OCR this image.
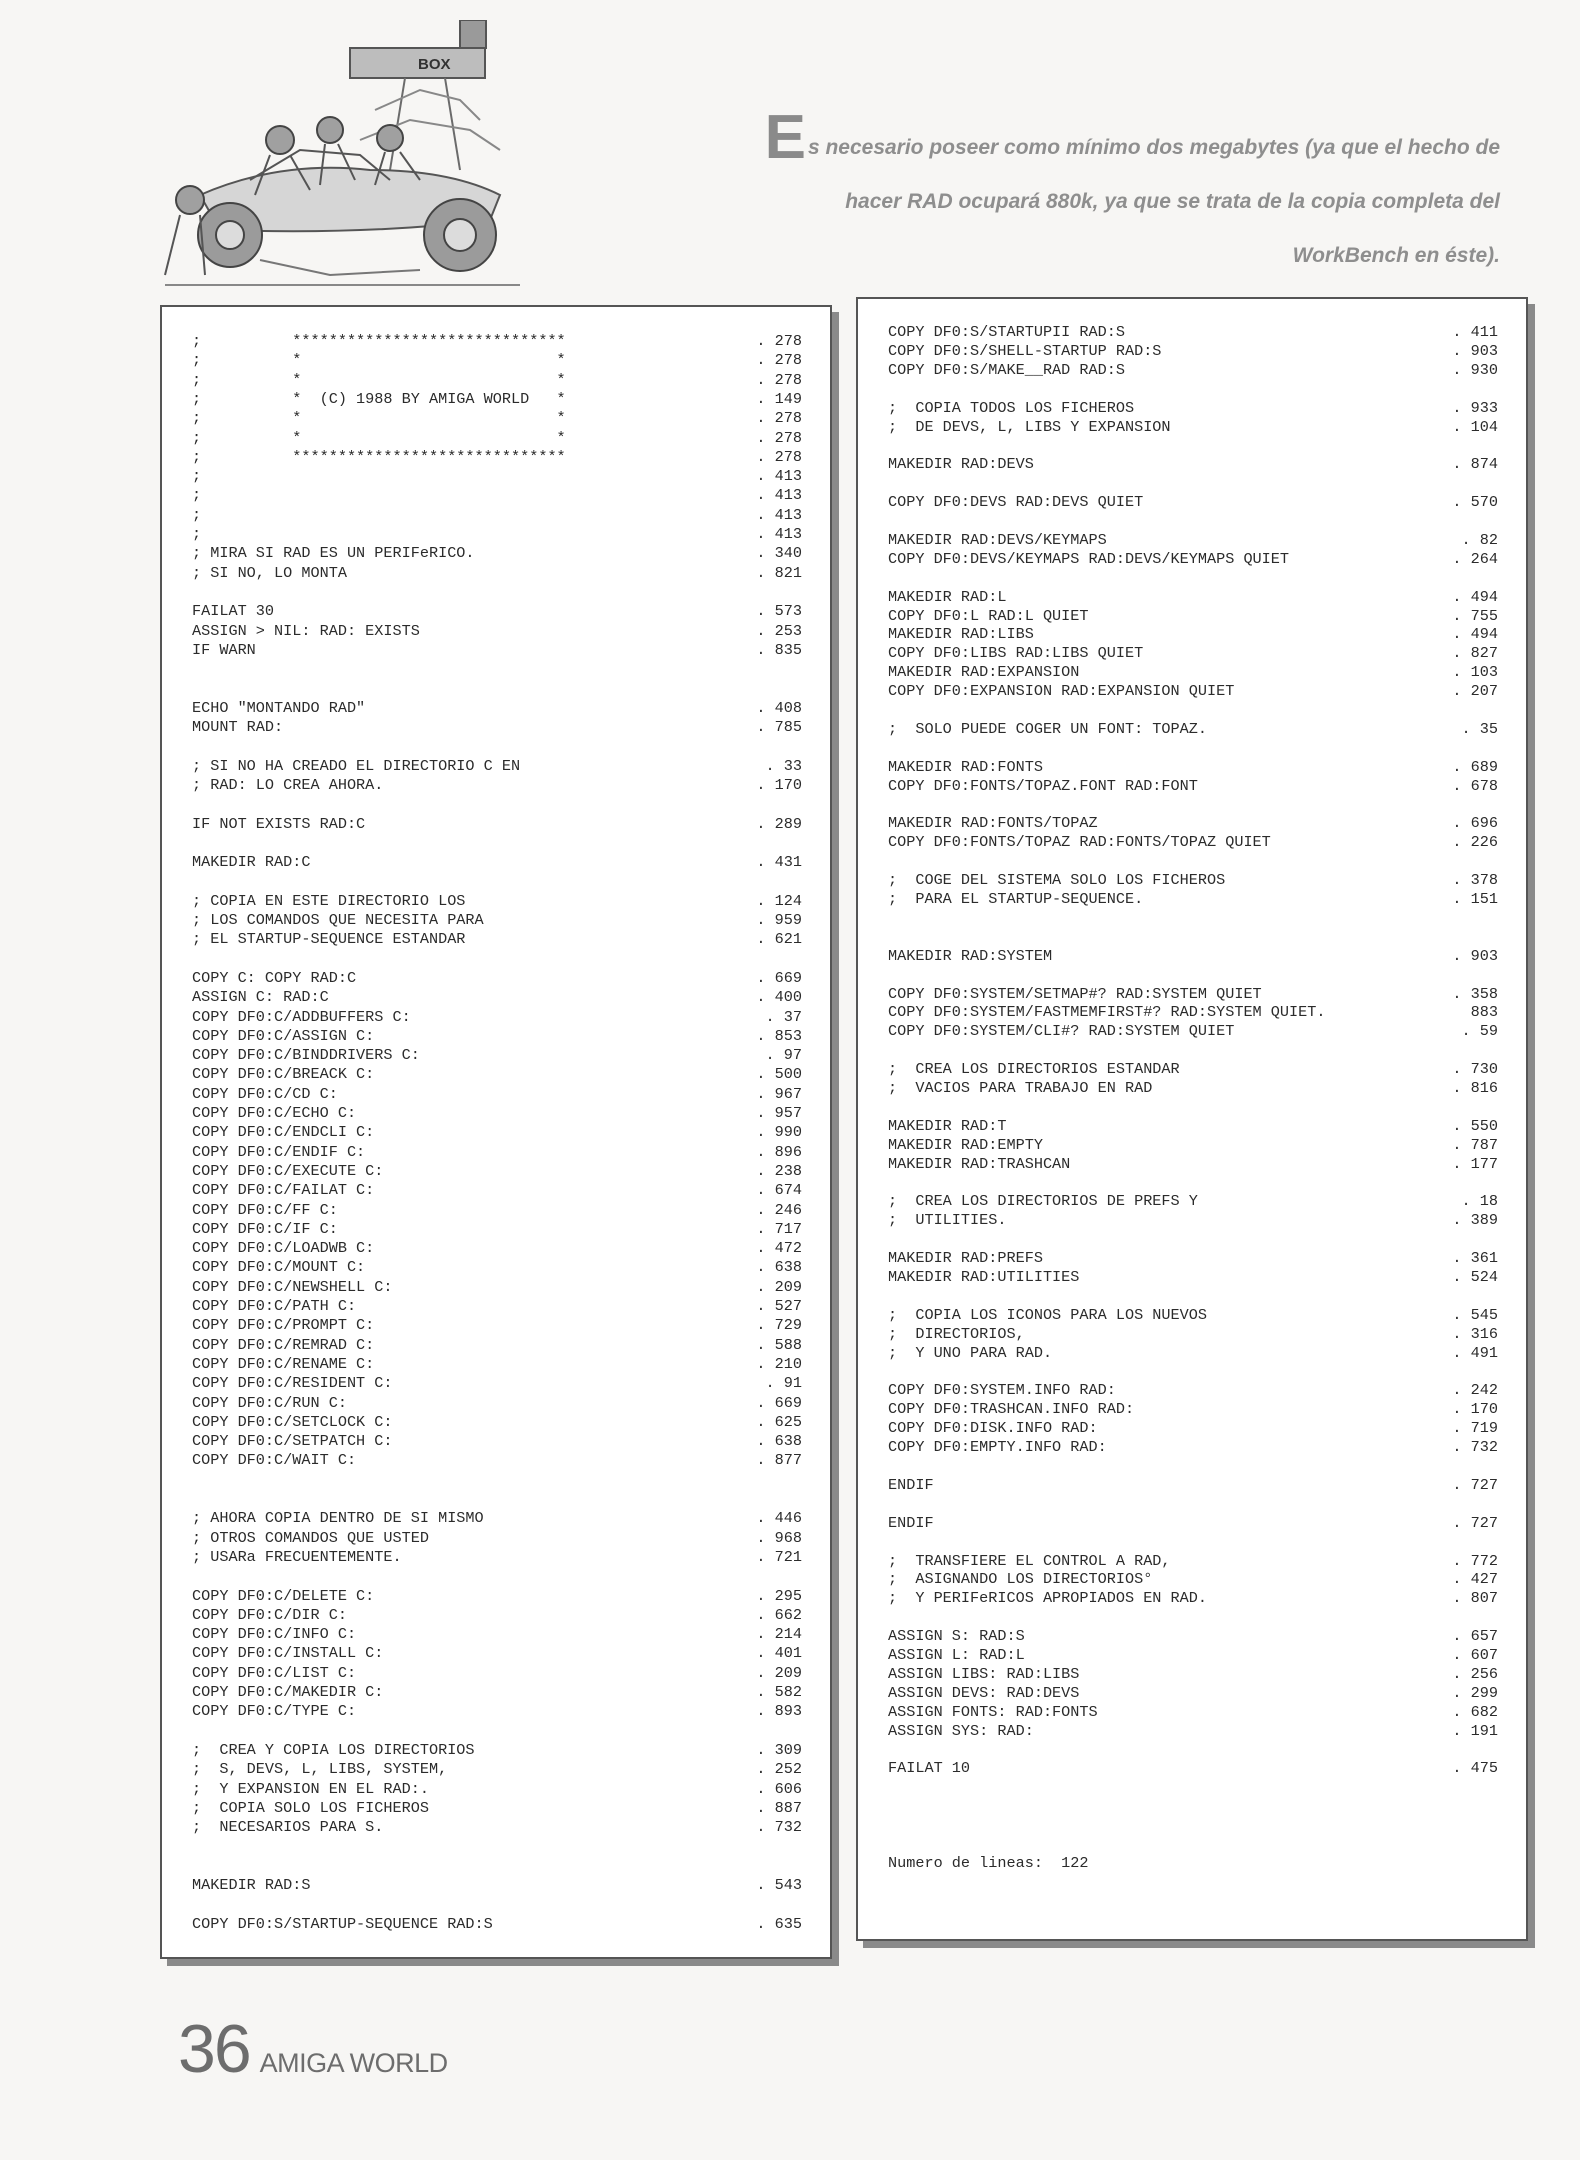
BOX
Es necesario poseer como mínimo dos megabytes (ya que el hecho de
hacer RAD ocupará 880k, ya que se trata de la copia completa del
WorkBench en éste).
;          ******************************	. 278
;          *                            *	. 278
;          *                            *	. 278
;          *  (C) 1988 BY AMIGA WORLD   *	. 149
;          *                            *	. 278
;          *                            *	. 278
;          ******************************	. 278
;	. 413
;	. 413
;	. 413
;	. 413
; MIRA SI RAD ES UN PERIFeRICO.	. 340
; SI NO, LO MONTA	. 821
FAILAT 30	. 573
ASSIGN > NIL: RAD: EXISTS	. 253
IF WARN	. 835
ECHO "MONTANDO RAD"	. 408
MOUNT RAD:	. 785
; SI NO HA CREADO EL DIRECTORIO C EN	. 33
; RAD: LO CREA AHORA.	. 170
IF NOT EXISTS RAD:C	. 289
MAKEDIR RAD:C	. 431
; COPIA EN ESTE DIRECTORIO LOS	. 124
; LOS COMANDOS QUE NECESITA PARA	. 959
; EL STARTUP-SEQUENCE ESTANDAR	. 621
COPY C: COPY RAD:C	. 669
ASSIGN C: RAD:C	. 400
COPY DF0:C/ADDBUFFERS C:	. 37
COPY DF0:C/ASSIGN C:	. 853
COPY DF0:C/BINDDRIVERS C:	. 97
COPY DF0:C/BREACK C:	. 500
COPY DF0:C/CD C:	. 967
COPY DF0:C/ECHO C:	. 957
COPY DF0:C/ENDCLI C:	. 990
COPY DF0:C/ENDIF C:	. 896
COPY DF0:C/EXECUTE C:	. 238
COPY DF0:C/FAILAT C:	. 674
COPY DF0:C/FF C:	. 246
COPY DF0:C/IF C:	. 717
COPY DF0:C/LOADWB C:	. 472
COPY DF0:C/MOUNT C:	. 638
COPY DF0:C/NEWSHELL C:	. 209
COPY DF0:C/PATH C:	. 527
COPY DF0:C/PROMPT C:	. 729
COPY DF0:C/REMRAD C:	. 588
COPY DF0:C/RENAME C:	. 210
COPY DF0:C/RESIDENT C:	. 91
COPY DF0:C/RUN C:	. 669
COPY DF0:C/SETCLOCK C:	. 625
COPY DF0:C/SETPATCH C:	. 638
COPY DF0:C/WAIT C:	. 877
; AHORA COPIA DENTRO DE SI MISMO	. 446
; OTROS COMANDOS QUE USTED	. 968
; USARa FRECUENTEMENTE.	. 721
COPY DF0:C/DELETE C:	. 295
COPY DF0:C/DIR C:	. 662
COPY DF0:C/INFO C:	. 214
COPY DF0:C/INSTALL C:	. 401
COPY DF0:C/LIST C:	. 209
COPY DF0:C/MAKEDIR C:	. 582
COPY DF0:C/TYPE C:	. 893
;  CREA Y COPIA LOS DIRECTORIOS	. 309
;  S, DEVS, L, LIBS, SYSTEM,	. 252
;  Y EXPANSION EN EL RAD:.	. 606
;  COPIA SOLO LOS FICHEROS	. 887
;  NECESARIOS PARA S.	. 732
MAKEDIR RAD:S	. 543
COPY DF0:S/STARTUP-SEQUENCE RAD:S	. 635
COPY DF0:S/STARTUPII RAD:S	. 411
COPY DF0:S/SHELL-STARTUP RAD:S	. 903
COPY DF0:S/MAKE__RAD RAD:S	. 930
;  COPIA TODOS LOS FICHEROS	. 933
;  DE DEVS, L, LIBS Y EXPANSION	. 104
MAKEDIR RAD:DEVS	. 874
COPY DF0:DEVS RAD:DEVS QUIET	. 570
MAKEDIR RAD:DEVS/KEYMAPS	. 82
COPY DF0:DEVS/KEYMAPS RAD:DEVS/KEYMAPS QUIET	. 264
MAKEDIR RAD:L	. 494
COPY DF0:L RAD:L QUIET	. 755
MAKEDIR RAD:LIBS	. 494
COPY DF0:LIBS RAD:LIBS QUIET	. 827
MAKEDIR RAD:EXPANSION	. 103
COPY DF0:EXPANSION RAD:EXPANSION QUIET	. 207
;  SOLO PUEDE COGER UN FONT: TOPAZ.	. 35
MAKEDIR RAD:FONTS	. 689
COPY DF0:FONTS/TOPAZ.FONT RAD:FONT	. 678
MAKEDIR RAD:FONTS/TOPAZ	. 696
COPY DF0:FONTS/TOPAZ RAD:FONTS/TOPAZ QUIET	. 226
;  COGE DEL SISTEMA SOLO LOS FICHEROS	. 378
;  PARA EL STARTUP-SEQUENCE.	. 151
MAKEDIR RAD:SYSTEM	. 903
COPY DF0:SYSTEM/SETMAP#? RAD:SYSTEM QUIET	. 358
COPY DF0:SYSTEM/FASTMEMFIRST#? RAD:SYSTEM QUIET.	883
COPY DF0:SYSTEM/CLI#? RAD:SYSTEM QUIET	. 59
;  CREA LOS DIRECTORIOS ESTANDAR	. 730
;  VACIOS PARA TRABAJO EN RAD	. 816
MAKEDIR RAD:T	. 550
MAKEDIR RAD:EMPTY	. 787
MAKEDIR RAD:TRASHCAN	. 177
;  CREA LOS DIRECTORIOS DE PREFS Y	. 18
;  UTILITIES.	. 389
MAKEDIR RAD:PREFS	. 361
MAKEDIR RAD:UTILITIES	. 524
;  COPIA LOS ICONOS PARA LOS NUEVOS	. 545
;  DIRECTORIOS,	. 316
;  Y UNO PARA RAD.	. 491
COPY DF0:SYSTEM.INFO RAD:	. 242
COPY DF0:TRASHCAN.INFO RAD:	. 170
COPY DF0:DISK.INFO RAD:	. 719
COPY DF0:EMPTY.INFO RAD:	. 732
ENDIF	. 727
ENDIF	. 727
;  TRANSFIERE EL CONTROL A RAD,	. 772
;  ASIGNANDO LOS DIRECTORIOS°	. 427
;  Y PERIFeRICOS APROPIADOS EN RAD.	. 807
ASSIGN S: RAD:S	. 657
ASSIGN L: RAD:L	. 607
ASSIGN LIBS: RAD:LIBS	. 256
ASSIGN DEVS: RAD:DEVS	. 299
ASSIGN FONTS: RAD:FONTS	. 682
ASSIGN SYS: RAD:	. 191
FAILAT 10	. 475
Numero de lineas:  122
36 AMIGA WORLD
